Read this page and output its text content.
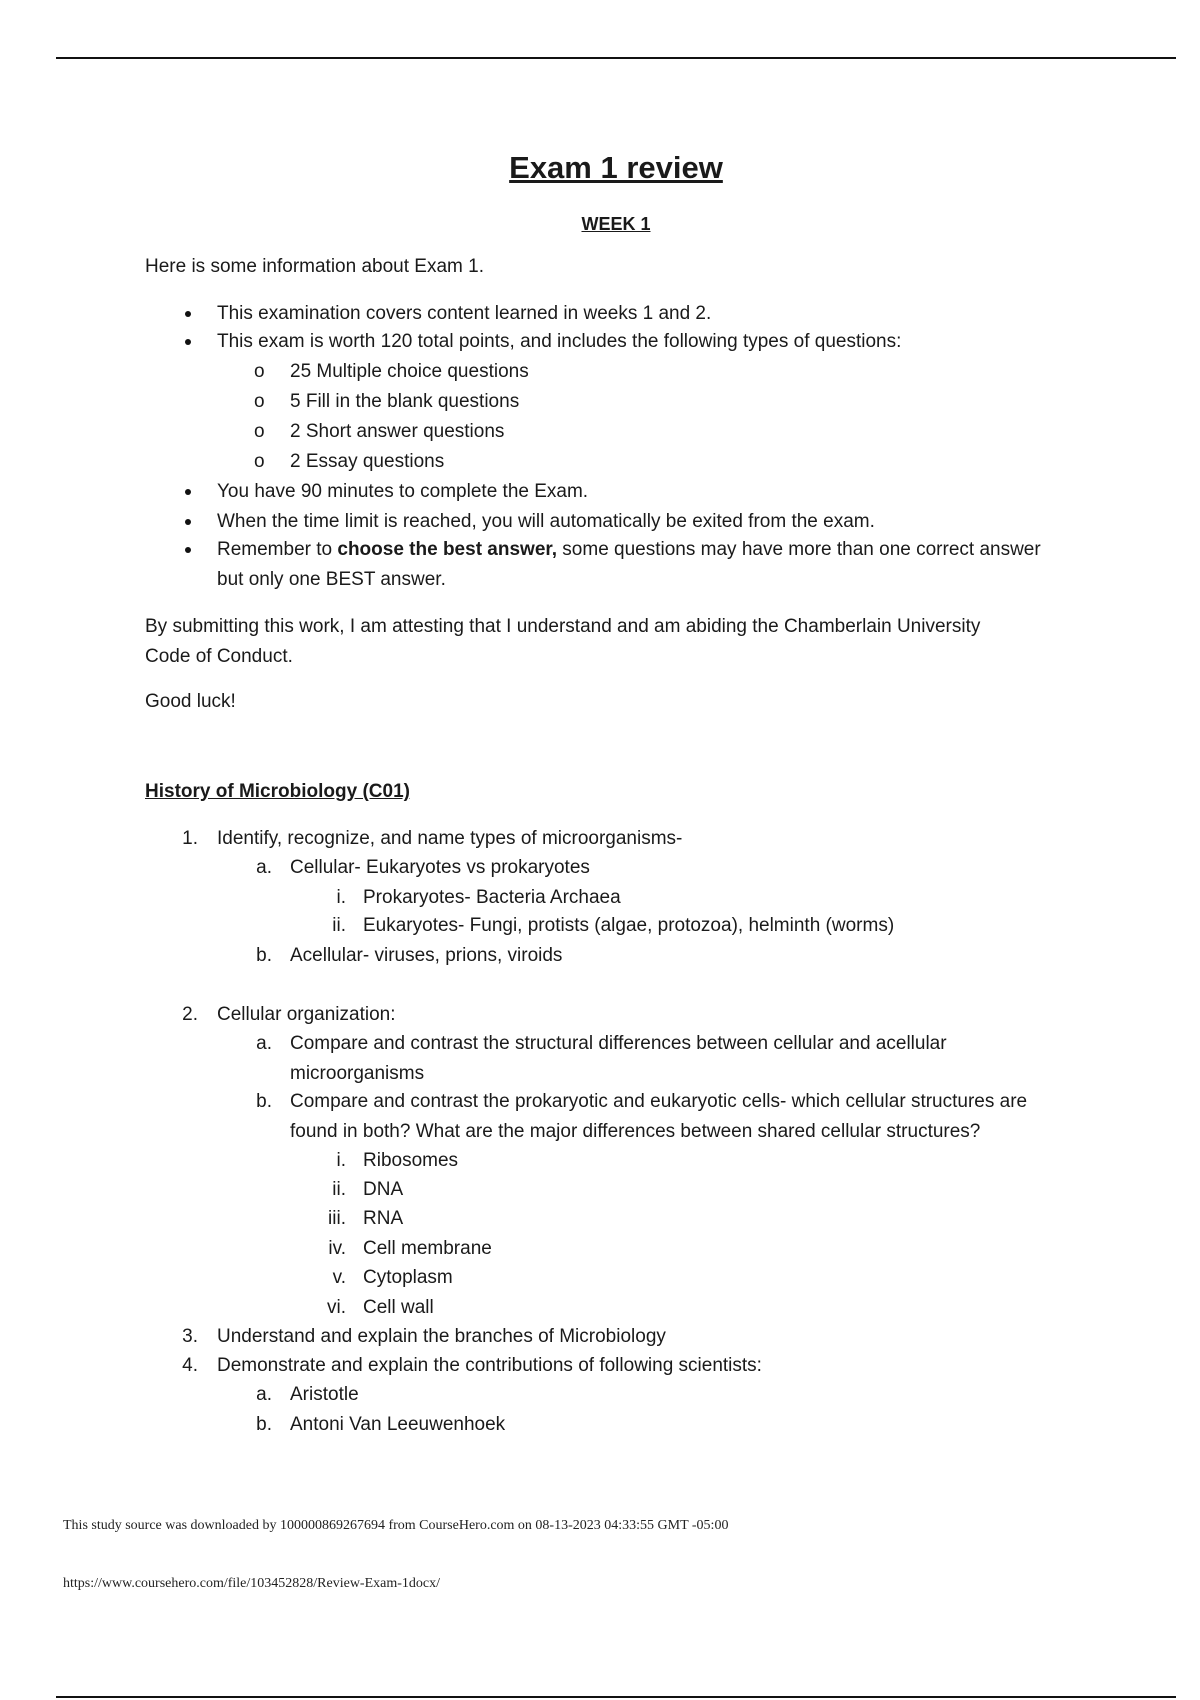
Exam 1 review
WEEK 1
Here is some information about Exam 1.
This examination covers content learned in weeks 1 and 2.
This exam is worth 120 total points, and includes the following types of questions:
o 25 Multiple choice questions
o 5 Fill in the blank questions
o 2 Short answer questions
o 2 Essay questions
You have 90 minutes to complete the Exam.
When the time limit is reached, you will automatically be exited from the exam.
Remember to choose the best answer, some questions may have more than one correct answer
but only one BEST answer.
By submitting this work, I am attesting that I understand and am abiding the Chamberlain University
Code of Conduct.
Good luck!
History of Microbiology (C01)
1. Identify, recognize, and name types of microorganisms-
a. Cellular- Eukaryotes vs prokaryotes
i. Prokaryotes- Bacteria Archaea
ii. Eukaryotes- Fungi, protists (algae, protozoa), helminth (worms)
b. Acellular- viruses, prions, viroids
2. Cellular organization:
a. Compare and contrast the structural differences between cellular and acellular
microorganisms
b. Compare and contrast the prokaryotic and eukaryotic cells- which cellular structures are
found in both? What are the major differences between shared cellular structures?
i. Ribosomes
ii. DNA
iii. RNA
iv. Cell membrane
v. Cytoplasm
vi. Cell wall
3. Understand and explain the branches of Microbiology
4. Demonstrate and explain the contributions of following scientists:
a. Aristotle
b. Antoni Van Leeuwenhoek
This study source was downloaded by 100000869267694 from CourseHero.com on 08-13-2023 04:33:55 GMT -05:00
https://www.coursehero.com/file/103452828/Review-Exam-1docx/
